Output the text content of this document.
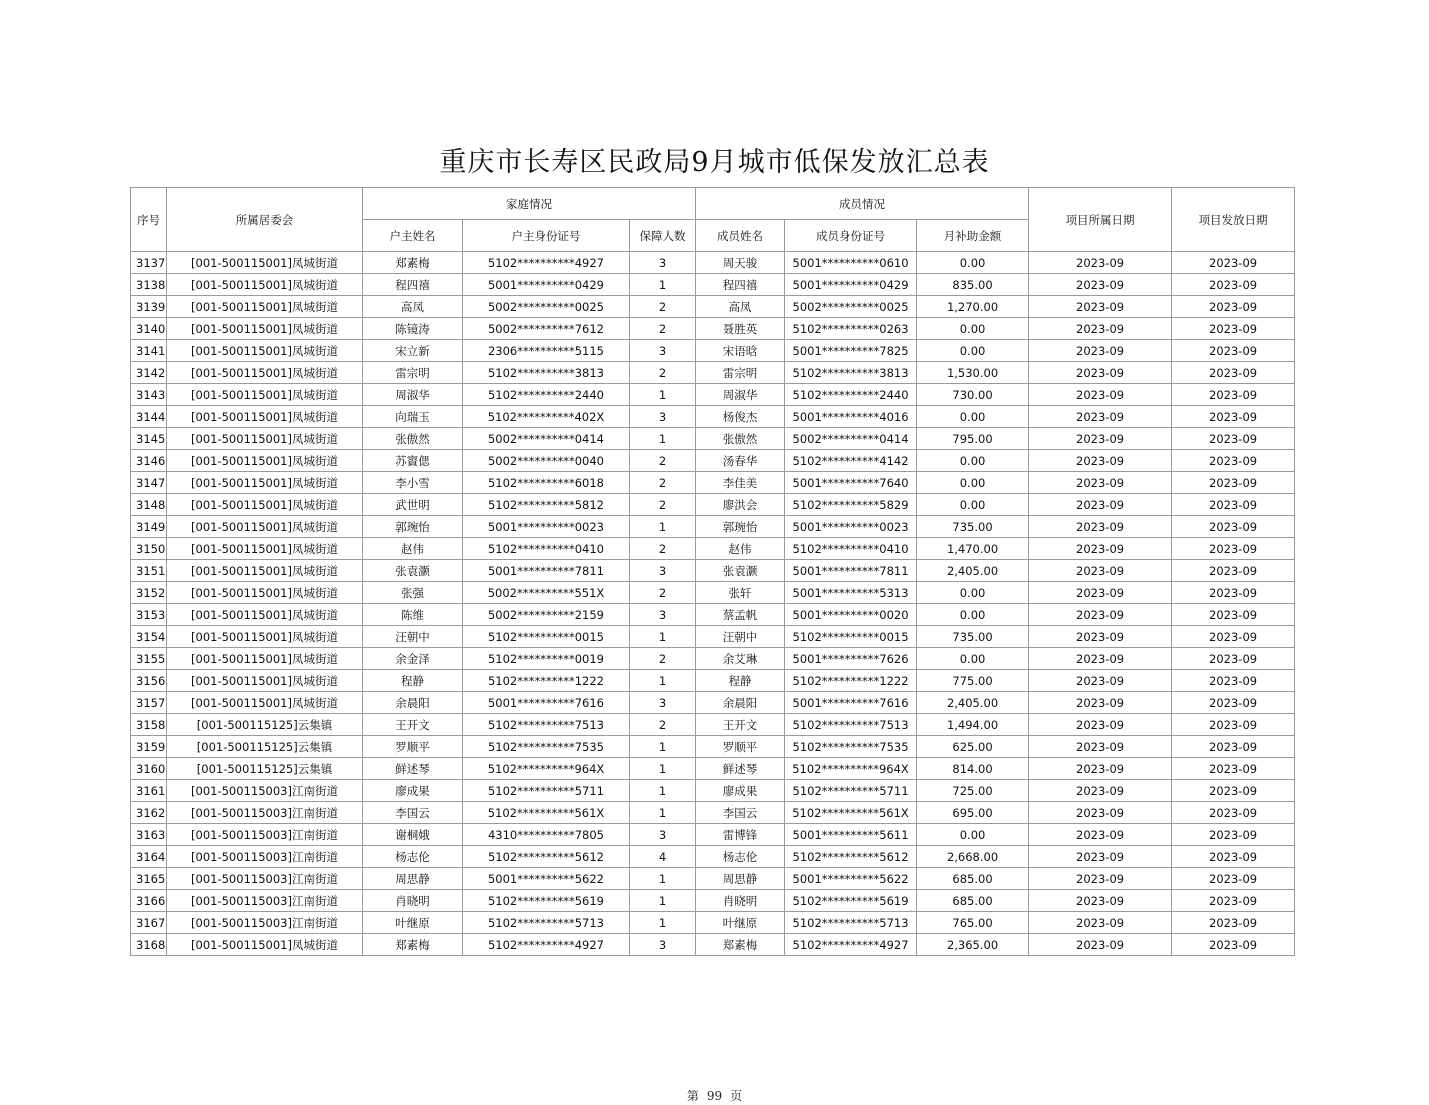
重庆市长寿区民政局9月城市低保发放汇总表
序号	所属居委会	家庭情况			成员情况			项目所属日期	项目发放日期
		户主姓名	户主身份证号	保障人数	成员姓名	成员身份证号	月补助金额		
3137	[001-500115001]凤城街道	郑素梅	5102**********4927	3	周天骏	5001**********0610	0.00	2023-09	2023-09
3138	[001-500115001]凤城街道	程四禧	5001**********0429	1	程四禧	5001**********0429	835.00	2023-09	2023-09
3139	[001-500115001]凤城街道	高凤	5002**********0025	2	高凤	5002**********0025	1,270.00	2023-09	2023-09
3140	[001-500115001]凤城街道	陈镜涛	5002**********7612	2	聂胜英	5102**********0263	0.00	2023-09	2023-09
3141	[001-500115001]凤城街道	宋立新	2306**********5115	3	宋语晗	5001**********7825	0.00	2023-09	2023-09
3142	[001-500115001]凤城街道	雷宗明	5102**********3813	2	雷宗明	5102**********3813	1,530.00	2023-09	2023-09
3143	[001-500115001]凤城街道	周淑华	5102**********2440	1	周淑华	5102**********2440	730.00	2023-09	2023-09
3144	[001-500115001]凤城街道	向瑞玉	5102**********402X	3	杨俊杰	5001**********4016	0.00	2023-09	2023-09
3145	[001-500115001]凤城街道	张傲然	5002**********0414	1	张傲然	5002**********0414	795.00	2023-09	2023-09
3146	[001-500115001]凤城街道	苏賨偲	5002**********0040	2	汤春华	5102**********4142	0.00	2023-09	2023-09
3147	[001-500115001]凤城街道	李小雪	5102**********6018	2	李佳美	5001**********7640	0.00	2023-09	2023-09
3148	[001-500115001]凤城街道	武世明	5102**********5812	2	廖洪会	5102**********5829	0.00	2023-09	2023-09
3149	[001-500115001]凤城街道	郭琬怡	5001**********0023	1	郭琬怡	5001**********0023	735.00	2023-09	2023-09
3150	[001-500115001]凤城街道	赵伟	5102**********0410	2	赵伟	5102**********0410	1,470.00	2023-09	2023-09
3151	[001-500115001]凤城街道	张袁灏	5001**********7811	3	张袁灏	5001**********7811	2,405.00	2023-09	2023-09
3152	[001-500115001]凤城街道	张强	5002**********551X	2	张轩	5001**********5313	0.00	2023-09	2023-09
3153	[001-500115001]凤城街道	陈维	5002**********2159	3	蔡孟帆	5001**********0020	0.00	2023-09	2023-09
3154	[001-500115001]凤城街道	汪朝中	5102**********0015	1	汪朝中	5102**********0015	735.00	2023-09	2023-09
3155	[001-500115001]凤城街道	余金泽	5102**********0019	2	余艾琳	5001**********7626	0.00	2023-09	2023-09
3156	[001-500115001]凤城街道	程静	5102**********1222	1	程静	5102**********1222	775.00	2023-09	2023-09
3157	[001-500115001]凤城街道	余晨阳	5001**********7616	3	余晨阳	5001**********7616	2,405.00	2023-09	2023-09
3158	[001-500115125]云集镇	王开文	5102**********7513	2	王开文	5102**********7513	1,494.00	2023-09	2023-09
3159	[001-500115125]云集镇	罗顺平	5102**********7535	1	罗顺平	5102**********7535	625.00	2023-09	2023-09
3160	[001-500115125]云集镇	鲜述琴	5102**********964X	1	鲜述琴	5102**********964X	814.00	2023-09	2023-09
3161	[001-500115003]江南街道	廖成果	5102**********5711	1	廖成果	5102**********5711	725.00	2023-09	2023-09
3162	[001-500115003]江南街道	李国云	5102**********561X	1	李国云	5102**********561X	695.00	2023-09	2023-09
3163	[001-500115003]江南街道	谢桐娥	4310**********7805	3	雷博锋	5001**********5611	0.00	2023-09	2023-09
3164	[001-500115003]江南街道	杨志伦	5102**********5612	4	杨志伦	5102**********5612	2,668.00	2023-09	2023-09
3165	[001-500115003]江南街道	周思静	5001**********5622	1	周思静	5001**********5622	685.00	2023-09	2023-09
3166	[001-500115003]江南街道	肖晓明	5102**********5619	1	肖晓明	5102**********5619	685.00	2023-09	2023-09
3167	[001-500115003]江南街道	叶继原	5102**********5713	1	叶继原	5102**********5713	765.00	2023-09	2023-09
3168	[001-500115001]凤城街道	郑素梅	5102**********4927	3	郑素梅	5102**********4927	2,365.00	2023-09	2023-09
第 99 页
